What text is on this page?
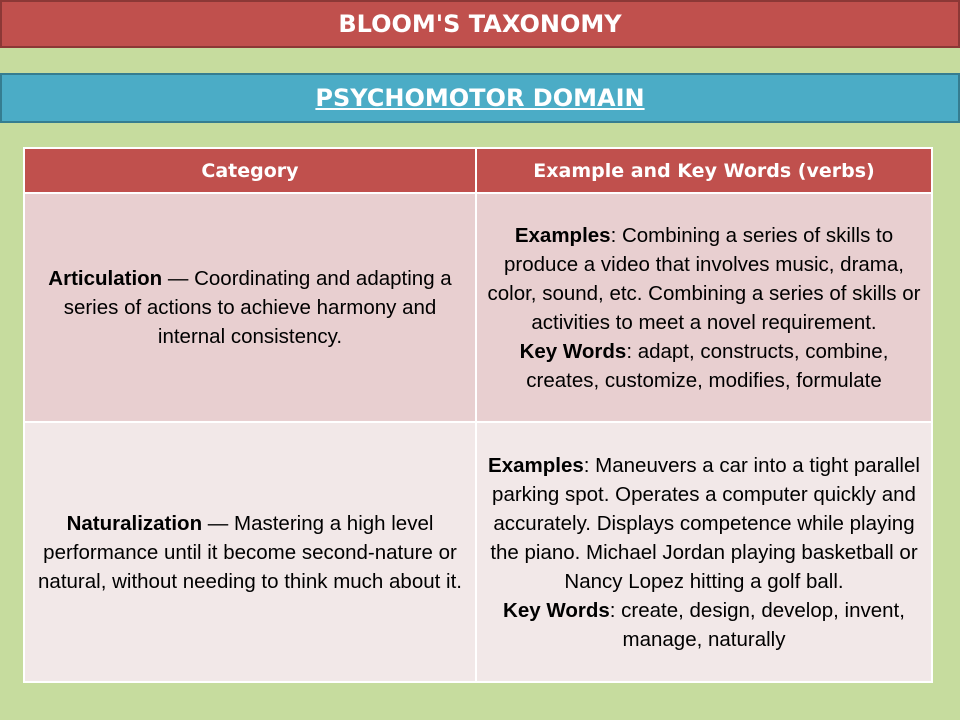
BLOOM'S TAXONOMY
PSYCHOMOTOR DOMAIN
Category	Example and Key Words (verbs)
Articulation — Coordinating and adapting a series of actions to achieve harmony and internal consistency.	Examples: Combining a series of skills to produce a video that involves music, drama, color, sound, etc. Combining a series of skills or activities to meet a novel requirement.
Key Words: adapt, constructs, combine, creates, customize, modifies, formulate
Naturalization — Mastering a high level performance until it become second-nature or natural, without needing to think much about it.	Examples: Maneuvers a car into a tight parallel parking spot. Operates a computer quickly and accurately. Displays competence while playing the piano. Michael Jordan playing basketball or Nancy Lopez hitting a golf ball.
Key Words: create, design, develop, invent, manage, naturally
